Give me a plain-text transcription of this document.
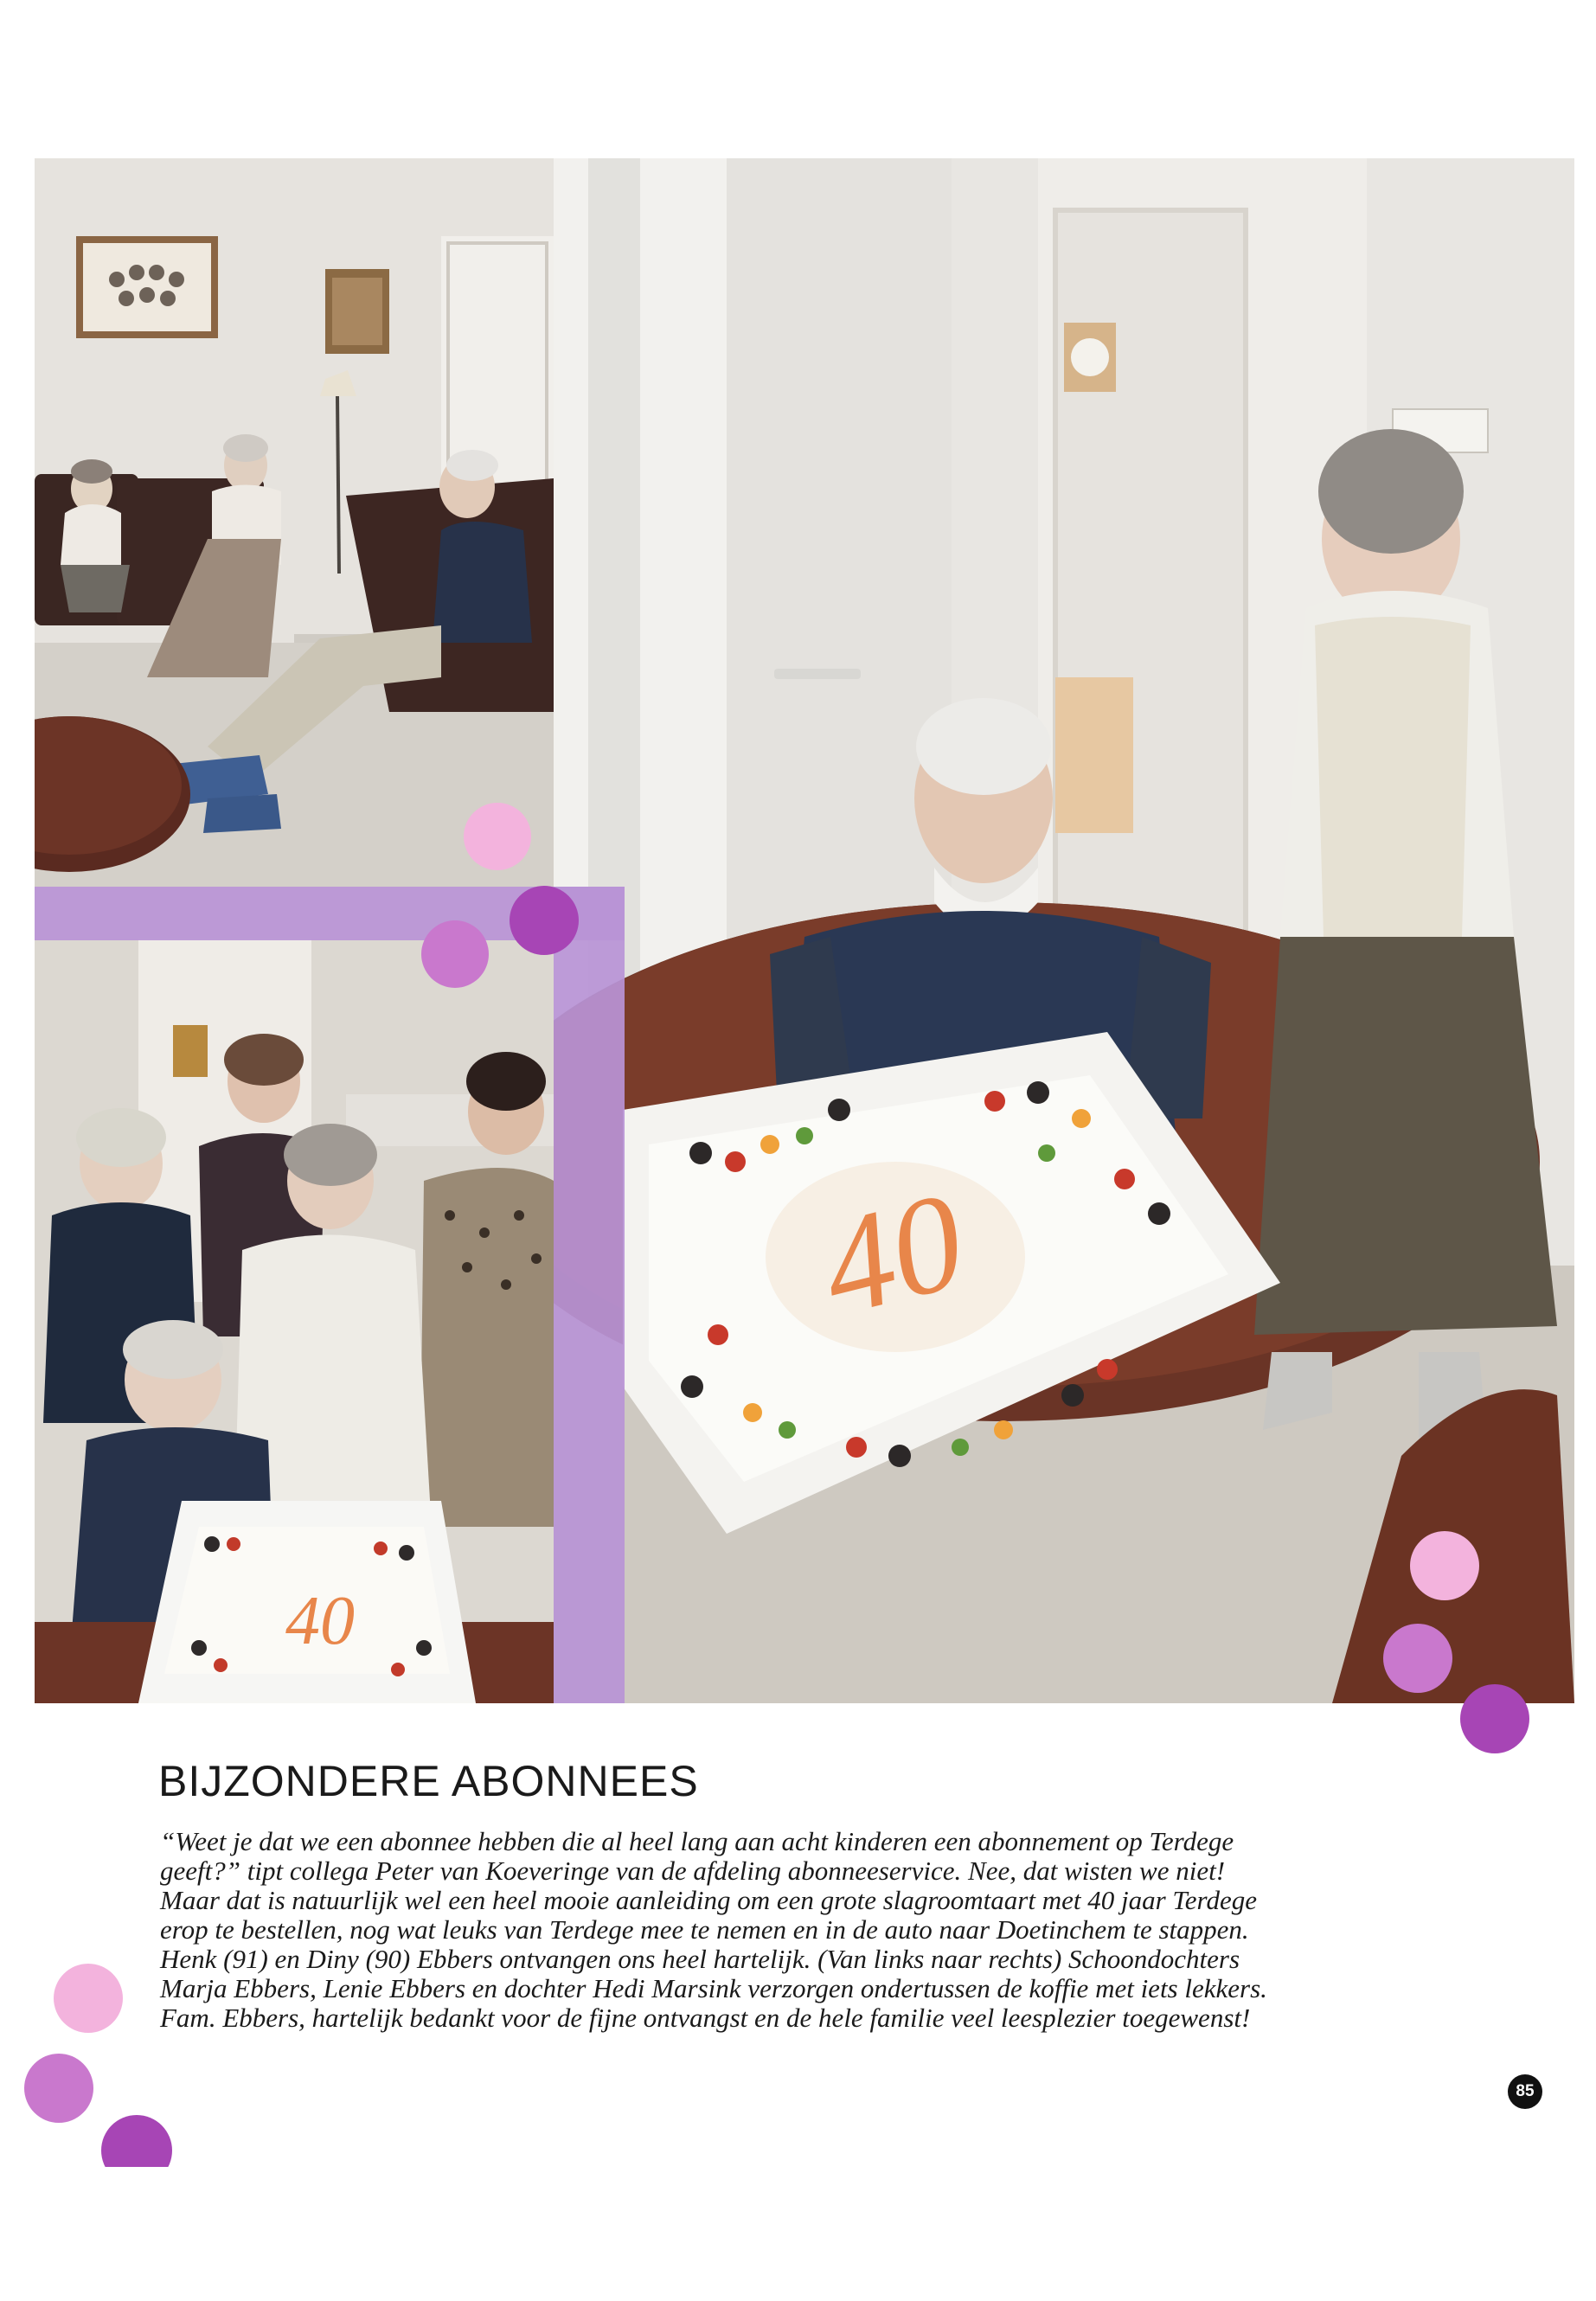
40
40
BIJZONDERE ABONNEES
“Weet je dat we een abonnee hebben die al heel lang aan acht kinderen een abonnement op Terdege
geeft?” tipt collega Peter van Koeveringe van de afdeling abonneeservice. Nee, dat wisten we niet!
Maar dat is natuurlijk wel een heel mooie aanleiding om een grote slagroomtaart met 40 jaar Terdege
erop te bestellen, nog wat leuks van Terdege mee te nemen en in de auto naar Doetinchem te stappen.
Henk (91) en Diny (90) Ebbers ontvangen ons heel hartelijk. (Van links naar rechts) Schoondochters
Marja Ebbers, Lenie Ebbers en dochter Hedi Marsink verzorgen ondertussen de koffie met iets lekkers.
Fam. Ebbers, hartelijk bedankt voor de fijne ontvangst en de hele familie veel leesplezier toegewenst!
85
